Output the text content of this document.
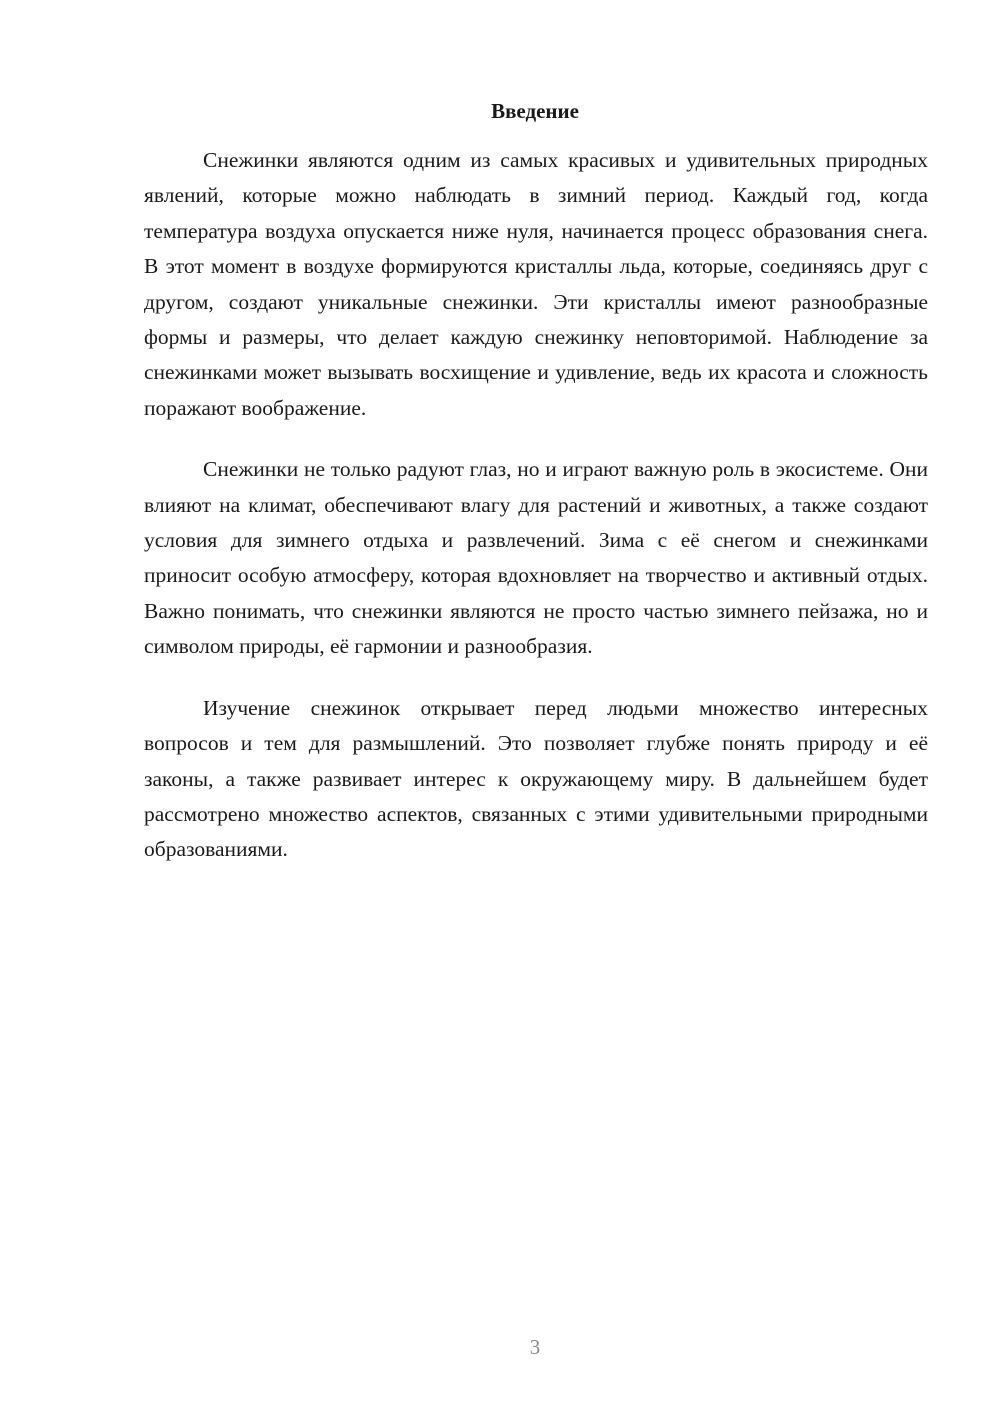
Введение

Снежинки являются одним из самых красивых и удивительных природных явлений, которые можно наблюдать в зимний период. Каждый год, когда температура воздуха опускается ниже нуля, начинается процесс образования снега. В этот момент в воздухе формируются кристаллы льда, которые, соединяясь друг с другом, создают уникальные снежинки. Эти кристаллы имеют разнообразные формы и размеры, что делает каждую снежинку неповторимой. Наблюдение за снежинками может вызывать восхищение и удивление, ведь их красота и сложность поражают воображение.

Снежинки не только радуют глаз, но и играют важную роль в экосистеме. Они влияют на климат, обеспечивают влагу для растений и животных, а также создают условия для зимнего отдыха и развлечений. Зима с её снегом и снежинками приносит особую атмосферу, которая вдохновляет на творчество и активный отдых. Важно понимать, что снежинки являются не просто частью зимнего пейзажа, но и символом природы, её гармонии и разнообразия.

Изучение снежинок открывает перед людьми множество интересных вопросов и тем для размышлений. Это позволяет глубже понять природу и её законы, а также развивает интерес к окружающему миру. В дальнейшем будет рассмотрено множество аспектов, связанных с этими удивительными природными образованиями.

3
